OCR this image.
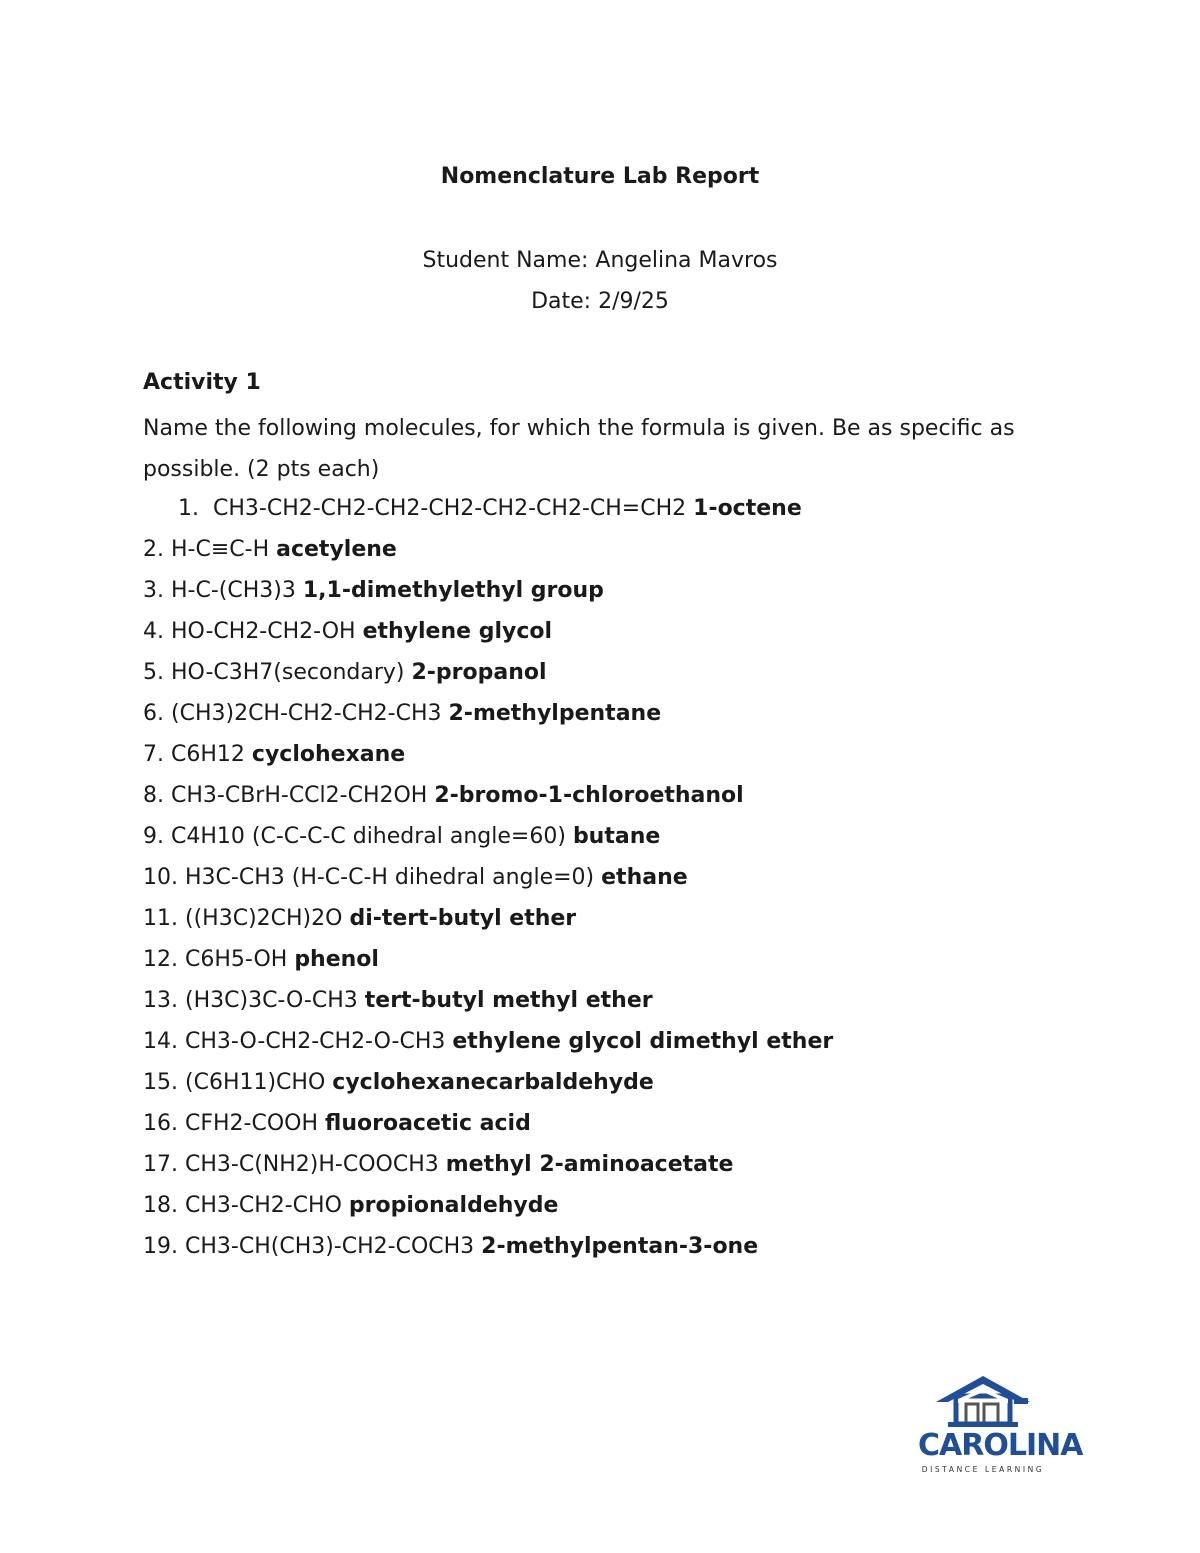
Nomenclature Lab Report
Student Name: Angelina Mavros
Date: 2/9/25
Activity 1
Name the following molecules, for which the formula is given. Be as specific as possible. (2 pts each)
1. CH3-CH2-CH2-CH2-CH2-CH2-CH2-CH=CH2 1-octene
2. H-C≡C-H acetylene
3. H-C-(CH3)3 1,1-dimethylethyl group
4. HO-CH2-CH2-OH ethylene glycol
5. HO-C3H7(secondary) 2-propanol
6. (CH3)2CH-CH2-CH2-CH3 2-methylpentane
7. C6H12 cyclohexane
8. CH3-CBrH-CCl2-CH2OH 2-bromo-1-chloroethanol
9. C4H10 (C-C-C-C dihedral angle=60) butane
10. H3C-CH3 (H-C-C-H dihedral angle=0) ethane
11. ((H3C)2CH)2O di-tert-butyl ether
12. C6H5-OH phenol
13. (H3C)3C-O-CH3 tert-butyl methyl ether
14. CH3-O-CH2-CH2-O-CH3 ethylene glycol dimethyl ether
15. (C6H11)CHO cyclohexanecarbaldehyde
16. CFH2-COOH fluoroacetic acid
17. CH3-C(NH2)H-COOCH3 methyl 2-aminoacetate
18. CH3-CH2-CHO propionaldehyde
19. CH3-CH(CH3)-CH2-COCH3 2-methylpentan-3-one
CAROLINA
DISTANCE LEARNING
